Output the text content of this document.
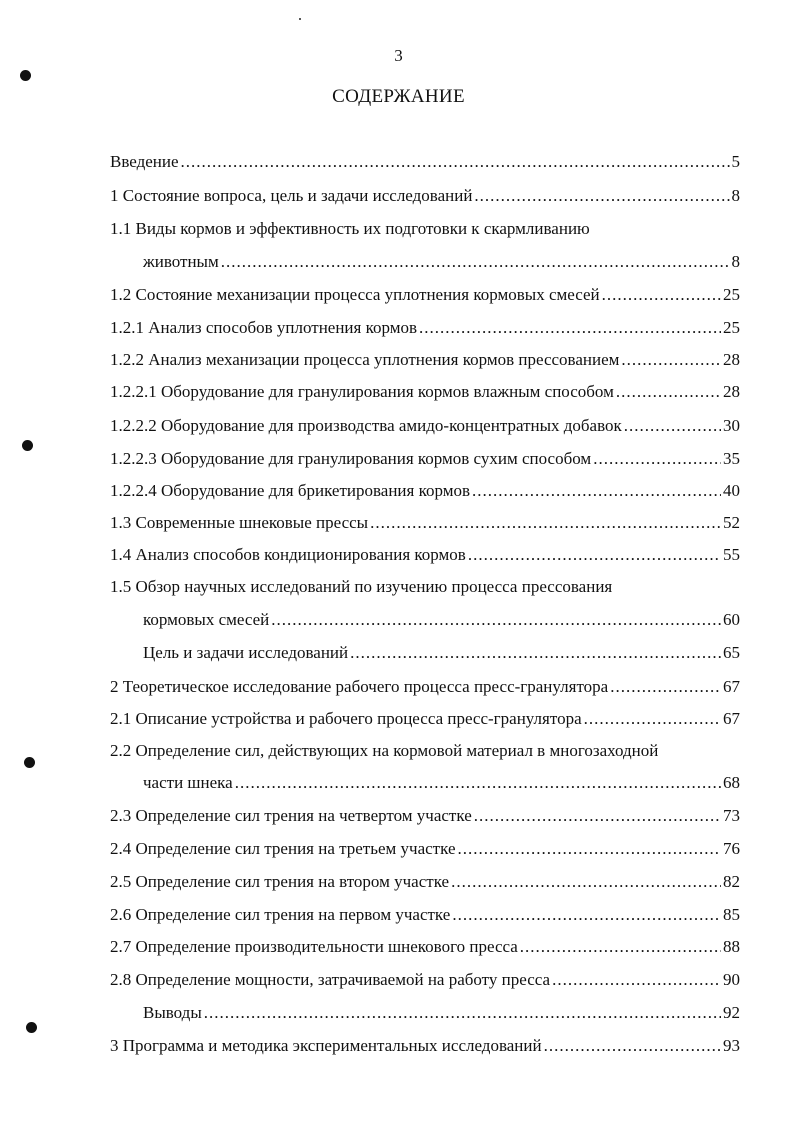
3
СОДЕРЖАНИЕ
Введение .....	5
1 Состояние вопроса, цель и задачи исследований .....	8
1.1 Виды кормов и эффективность их подготовки к скармливанию
животным .....	8
1.2 Состояние механизации процесса уплотнения кормовых смесей .....	25
1.2.1 Анализ способов уплотнения кормов .....	25
1.2.2 Анализ механизации процесса уплотнения кормов прессованием .....	28
1.2.2.1 Оборудование для гранулирования кормов влажным способом .....	28
1.2.2.2 Оборудование для производства амидо-концентратных добавок .....	30
1.2.2.3 Оборудование для гранулирования кормов сухим способом .....	35
1.2.2.4 Оборудование для брикетирования кормов .....	40
1.3 Современные шнековые прессы .....	52
1.4 Анализ способов кондиционирования кормов .....	55
1.5 Обзор научных исследований по изучению процесса прессования
кормовых смесей .....	60
Цель и задачи исследований .....	65
2 Теоретическое исследование рабочего процесса пресс-гранулятора .....	67
2.1 Описание устройства и рабочего процесса пресс-гранулятора .....	67
2.2 Определение сил, действующих на кормовой материал в многозаходной
части шнека .....	68
2.3 Определение сил трения на четвертом участке .....	73
2.4 Определение сил трения на третьем участке .....	76
2.5 Определение сил трения на втором участке .....	82
2.6 Определение сил трения на первом участке .....	85
2.7 Определение производительности шнекового пресса .....	88
2.8 Определение мощности, затрачиваемой на работу пресса .....	90
Выводы .....	92
3 Программа и методика экспериментальных исследований .....	93
